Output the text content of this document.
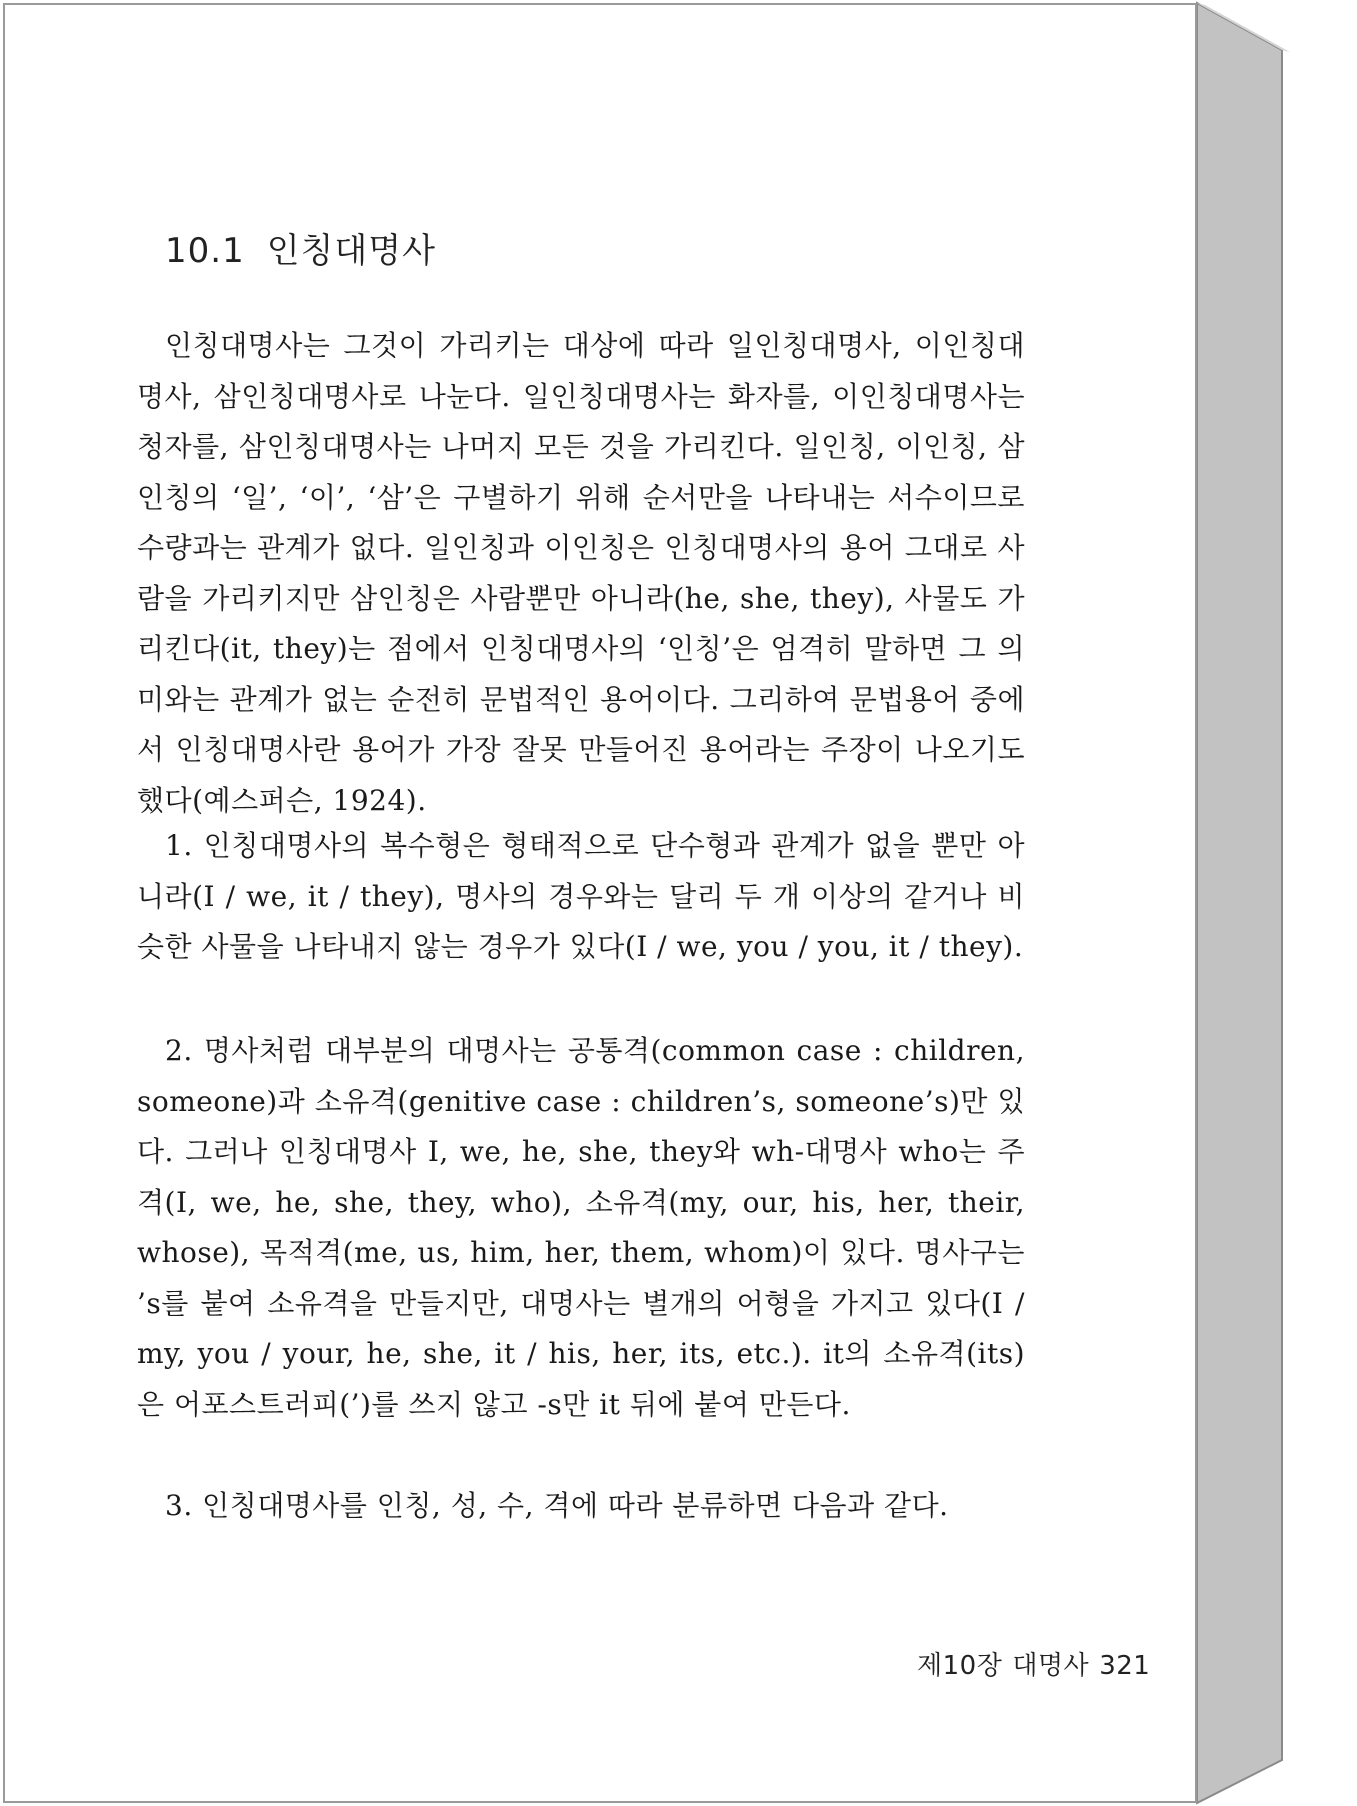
10.1 인칭대명사

인칭대명사는 그것이 가리키는 대상에 따라 일인칭대명사, 이인칭대명사, 삼인칭대명사로 나눈다. 일인칭대명사는 화자를, 이인칭대명사는 청자를, 삼인칭대명사는 나머지 모든 것을 가리킨다. 일인칭, 이인칭, 삼인칭의 ‘일’, ‘이’, ‘삼’은 구별하기 위해 순서만을 나타내는 서수이므로 수량과는 관계가 없다. 일인칭과 이인칭은 인칭대명사의 용어 그대로 사람을 가리키지만 삼인칭은 사람뿐만 아니라(he, she, they), 사물도 가리킨다(it, they)는 점에서 인칭대명사의 ‘인칭’은 엄격히 말하면 그 의미와는 관계가 없는 순전히 문법적인 용어이다. 그리하여 문법용어 중에서 인칭대명사란 용어가 가장 잘못 만들어진 용어라는 주장이 나오기도 했다(예스퍼슨, 1924).

1. 인칭대명사의 복수형은 형태적으로 단수형과 관계가 없을 뿐만 아니라(I / we, it / they), 명사의 경우와는 달리 두 개 이상의 같거나 비슷한 사물을 나타내지 않는 경우가 있다(I / we, you / you, it / they).

2. 명사처럼 대부분의 대명사는 공통격(common case : children, someone)과 소유격(genitive case : children’s, someone’s)만 있다. 그러나 인칭대명사 I, we, he, she, they와 wh-대명사 who는 주격(I, we, he, she, they, who), 소유격(my, our, his, her, their, whose), 목적격(me, us, him, her, them, whom)이 있다. 명사구는 ’s를 붙여 소유격을 만들지만, 대명사는 별개의 어형을 가지고 있다(I / my, you / your, he, she, it / his, her, its, etc.). it의 소유격(its)은 어포스트러피(’)를 쓰지 않고 -s만 it 뒤에 붙여 만든다.

3. 인칭대명사를 인칭, 성, 수, 격에 따라 분류하면 다음과 같다.

제10장 대명사 321
